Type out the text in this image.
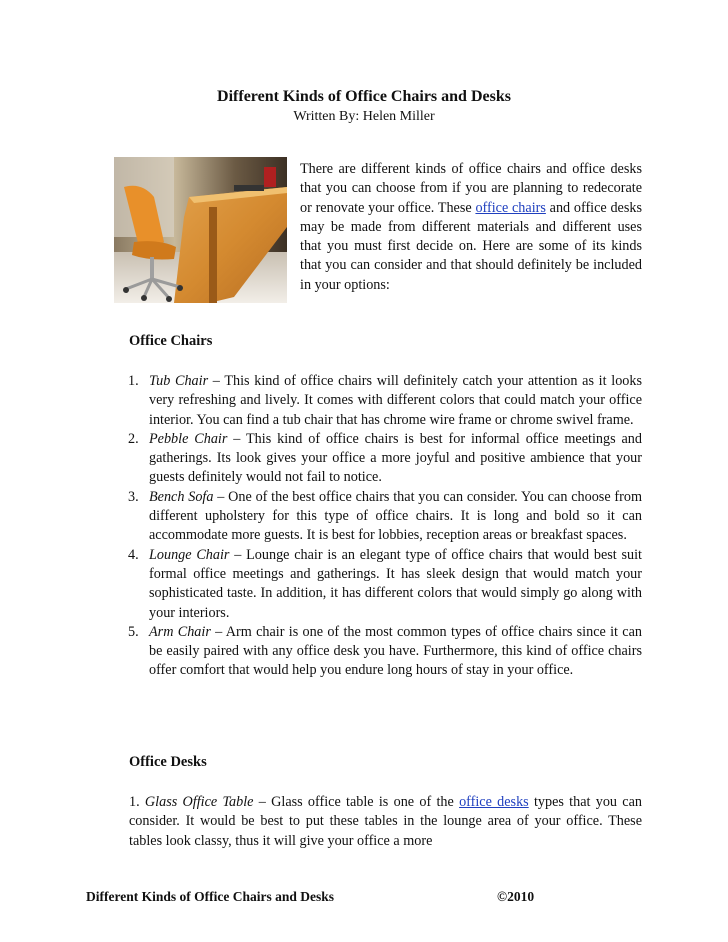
Different Kinds of Office Chairs and Desks
Written By: Helen Miller
There are different kinds of office chairs and office desks that you can choose from if you are planning to redecorate or renovate your office. These office chairs and office desks may be made from different materials and different uses that you must first decide on. Here are some of its kinds that you can consider and that should definitely be included in your options:
Office Chairs
1. Tub Chair – This kind of office chairs will definitely catch your attention as it looks very refreshing and lively. It comes with different colors that could match your office interior. You can find a tub chair that has chrome wire frame or chrome swivel frame.
2. Pebble Chair – This kind of office chairs is best for informal office meetings and gatherings. Its look gives your office a more joyful and positive ambience that your guests definitely would not fail to notice.
3. Bench Sofa – One of the best office chairs that you can consider. You can choose from different upholstery for this type of office chairs. It is long and bold so it can accommodate more guests. It is best for lobbies, reception areas or breakfast spaces.
4. Lounge Chair – Lounge chair is an elegant type of office chairs that would best suit formal office meetings and gatherings. It has sleek design that would match your sophisticated taste. In addition, it has different colors that would simply go along with your interiors.
5. Arm Chair – Arm chair is one of the most common types of office chairs since it can be easily paired with any office desk you have. Furthermore, this kind of office chairs offer comfort that would help you endure long hours of stay in your office.
Office Desks
1. Glass Office Table – Glass office table is one of the office desks types that you can consider. It would be best to put these tables in the lounge area of your office. These tables look classy, thus it will give your office a more
Different Kinds of Office Chairs and Desks	©2010
